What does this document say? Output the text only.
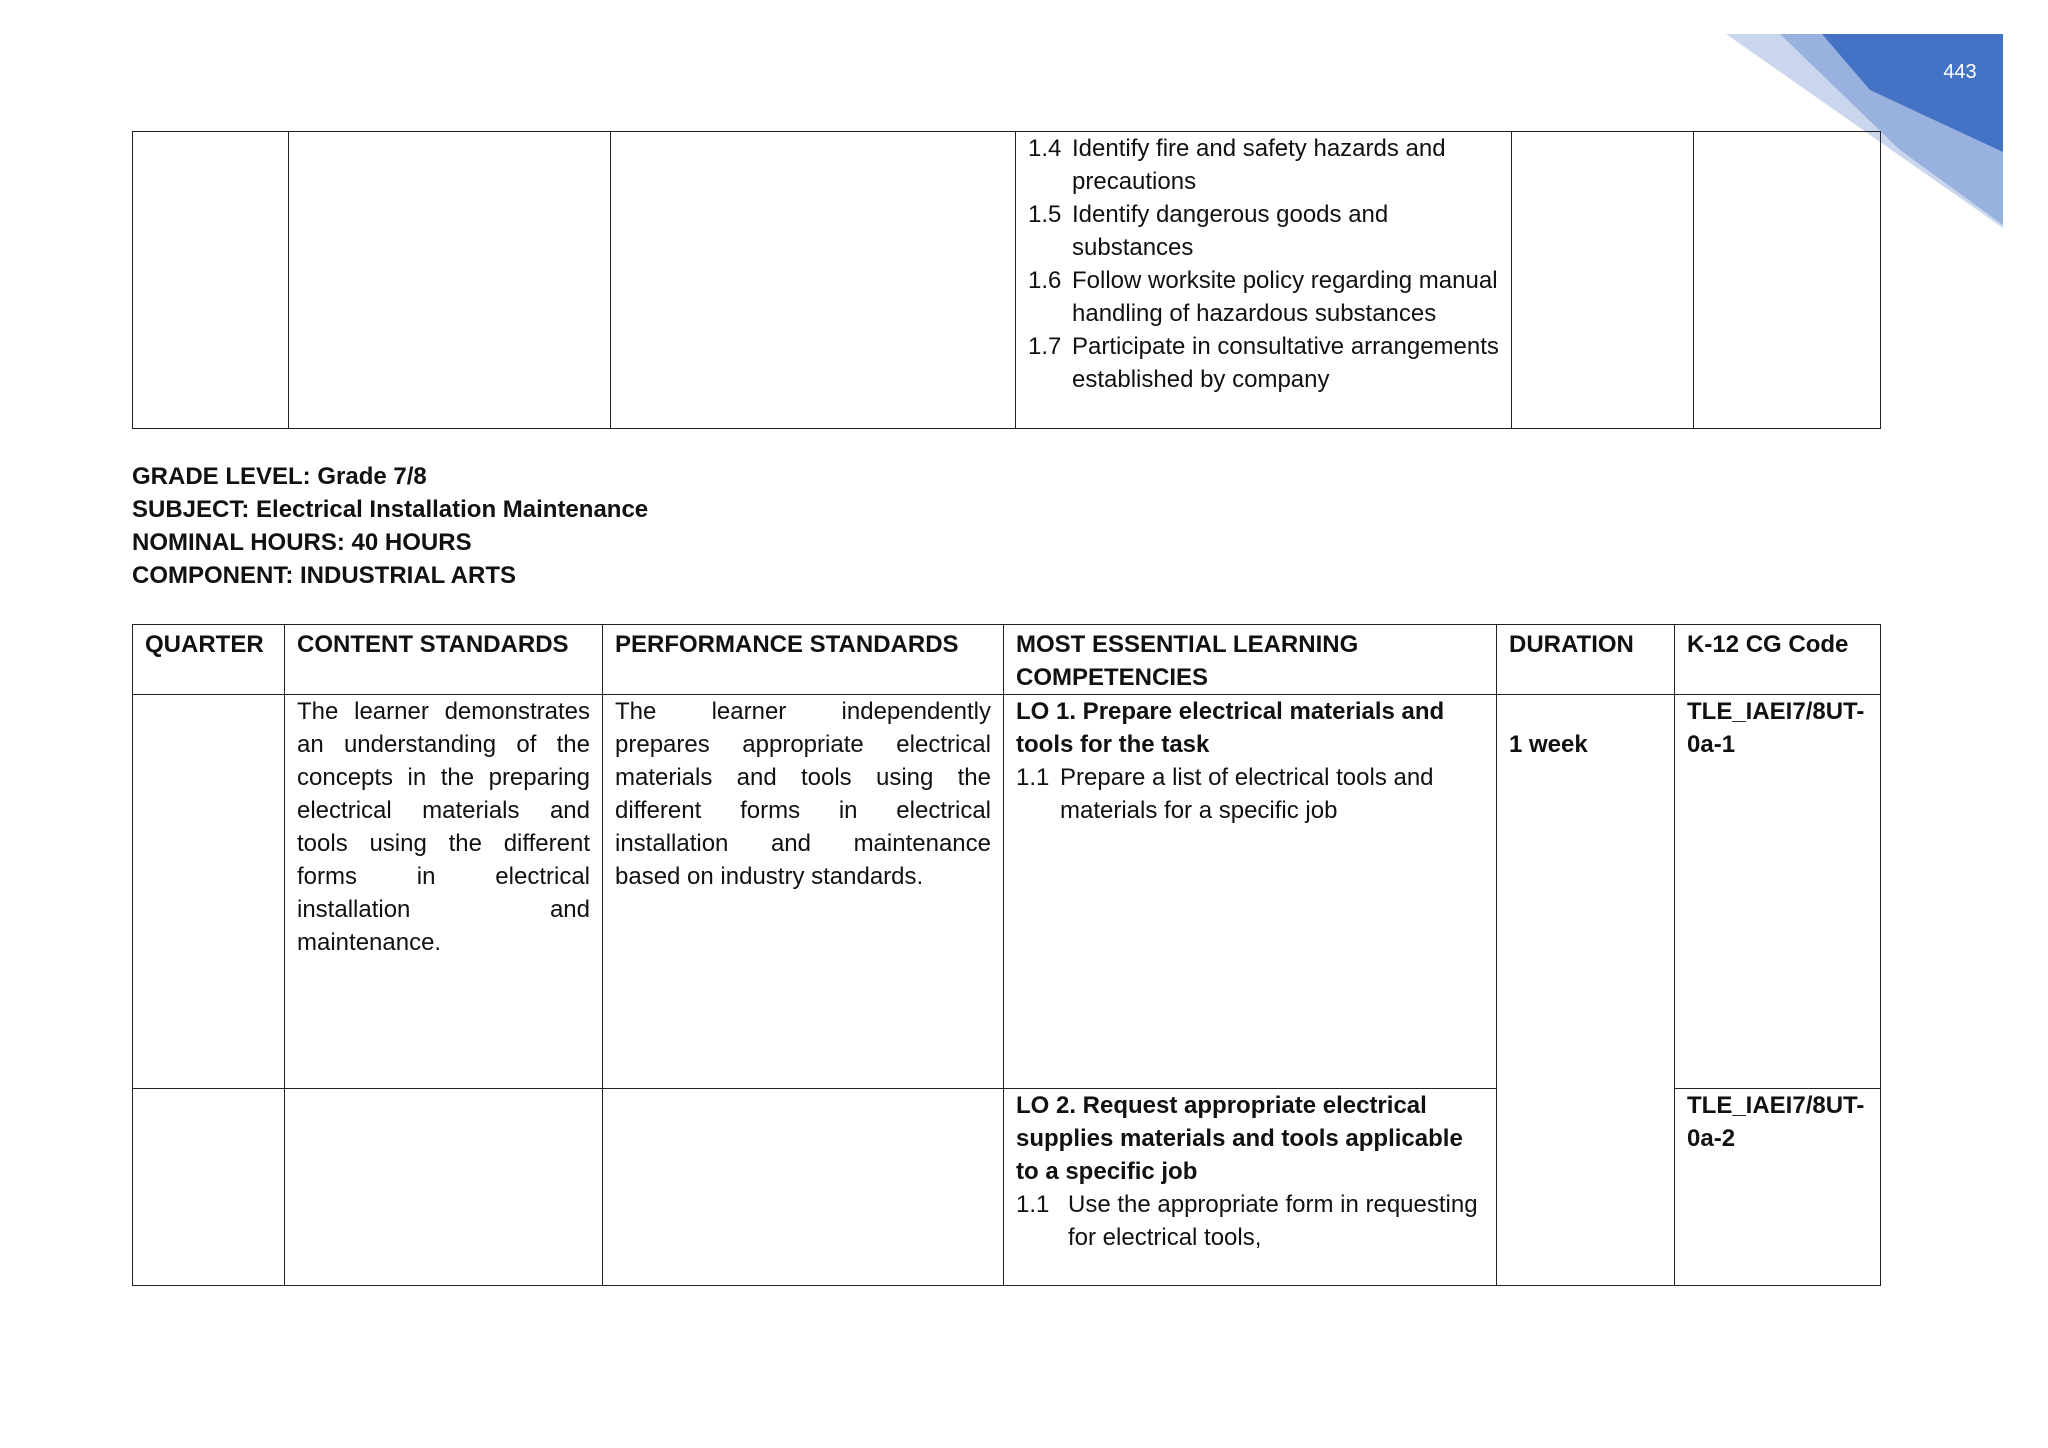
443

1.4 Identify fire and safety hazards and precautions
1.5 Identify dangerous goods and substances
1.6 Follow worksite policy regarding manual handling of hazardous substances
1.7 Participate in consultative arrangements established by company

GRADE LEVEL: Grade 7/8
SUBJECT: Electrical Installation Maintenance
NOMINAL HOURS: 40 HOURS
COMPONENT: INDUSTRIAL ARTS
QUARTER	CONTENT STANDARDS	PERFORMANCE STANDARDS	MOST ESSENTIAL LEARNING COMPETENCIES	DURATION	K-12 CG Code

	The learner demonstrates an understanding of the concepts in the preparing electrical materials and tools using the different forms in electrical installation and maintenance.	The learner independently prepares appropriate electrical materials and tools using the different forms in electrical installation and maintenance based on industry standards.	LO 1. Prepare electrical materials and tools for the task
1.1 Prepare a list of electrical tools and materials for a specific job	1 week	TLE_IAEI7/8UT-0a-1

			LO 2. Request appropriate electrical supplies materials and tools applicable to a specific job
1.1 Use the appropriate form in requesting for electrical tools,		TLE_IAEI7/8UT-0a-2
